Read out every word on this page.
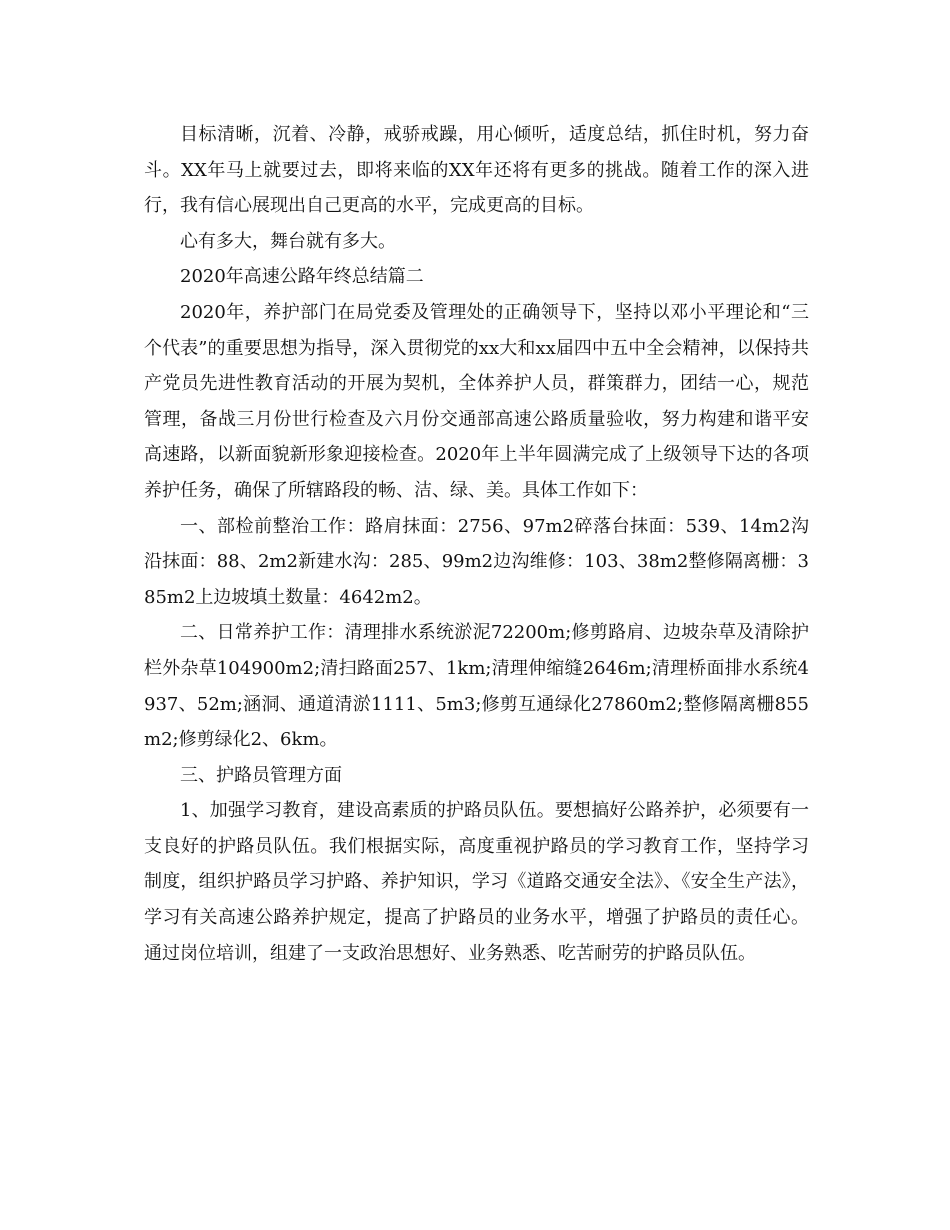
目标清晰，沉着、冷静，戒骄戒躁，用心倾听，适度总结，抓住时机，努力奋斗。XX年马上就要过去，即将来临的XX年还将有更多的挑战。随着工作的深入进行，我有信心展现出自己更高的水平，完成更高的目标。

心有多大，舞台就有多大。

2020年高速公路年终总结篇二

2020年，养护部门在局党委及管理处的正确领导下，坚持以邓小平理论和“三个代表”的重要思想为指导，深入贯彻党的xx大和xx届四中五中全会精神，以保持共产党员先进性教育活动的开展为契机，全体养护人员，群策群力，团结一心，规范管理，备战三月份世行检查及六月份交通部高速公路质量验收，努力构建和谐平安高速路，以新面貌新形象迎接检查。2020年上半年圆满完成了上级领导下达的各项养护任务，确保了所辖路段的畅、洁、绿、美。具体工作如下：

一、部检前整治工作：路肩抹面：2756、97m2碎落台抹面：539、14m2沟沿抹面：88、2m2新建水沟：285、99m2边沟维修：103、38m2整修隔离栅：385m2上边坡填土数量：4642m2。

二、日常养护工作：清理排水系统淤泥72200m;修剪路肩、边坡杂草及清除护栏外杂草104900m2;清扫路面257、1km;清理伸缩缝2646m;清理桥面排水系统4937、52m;涵洞、通道清淤1111、5m3;修剪互通绿化27860m2;整修隔离栅855m2;修剪绿化2、6km。

三、护路员管理方面

1、加强学习教育，建设高素质的护路员队伍。要想搞好公路养护，必须要有一支良好的护路员队伍。我们根据实际，高度重视护路员的学习教育工作，坚持学习制度，组织护路员学习护路、养护知识，学习《道路交通安全法》、《安全生产法》，学习有关高速公路养护规定，提高了护路员的业务水平，增强了护路员的责任心。通过岗位培训，组建了一支政治思想好、业务熟悉、吃苦耐劳的护路员队伍。
